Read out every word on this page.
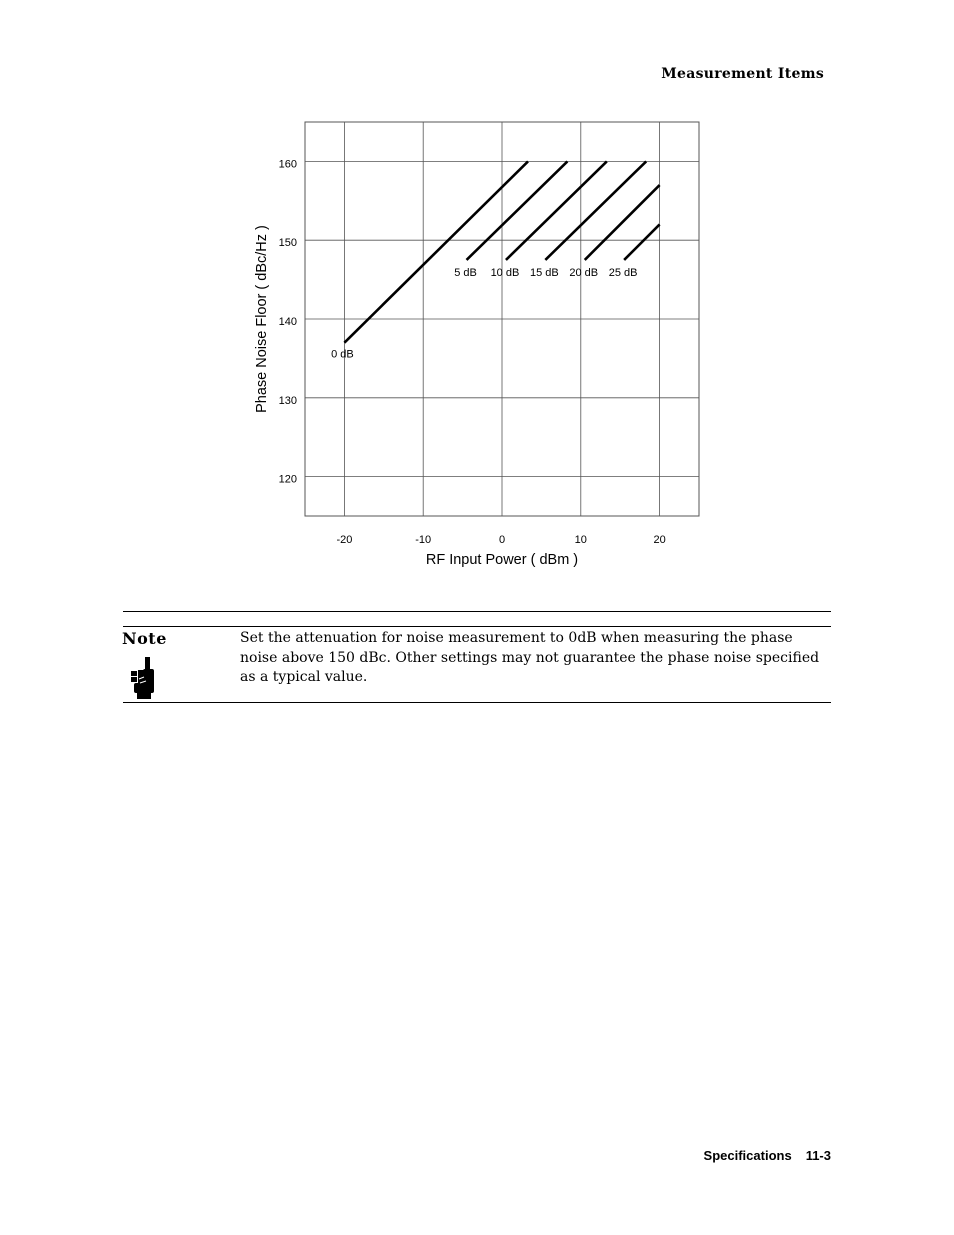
Measurement Items
-20	-10	0	10	20
120
130
140
150
160
RF Input Power ( dBm )
Phase Noise Floor ( dBc/Hz )	0 dB
5 dB 10 dB 15 dB 20 dB 25 dB
Note	Set the attenuation for noise measurement to 0dB when measuring the phase noise above 150 dBc. Other settings may not guarantee the phase noise specified as a typical value.
Specifications 11-3
